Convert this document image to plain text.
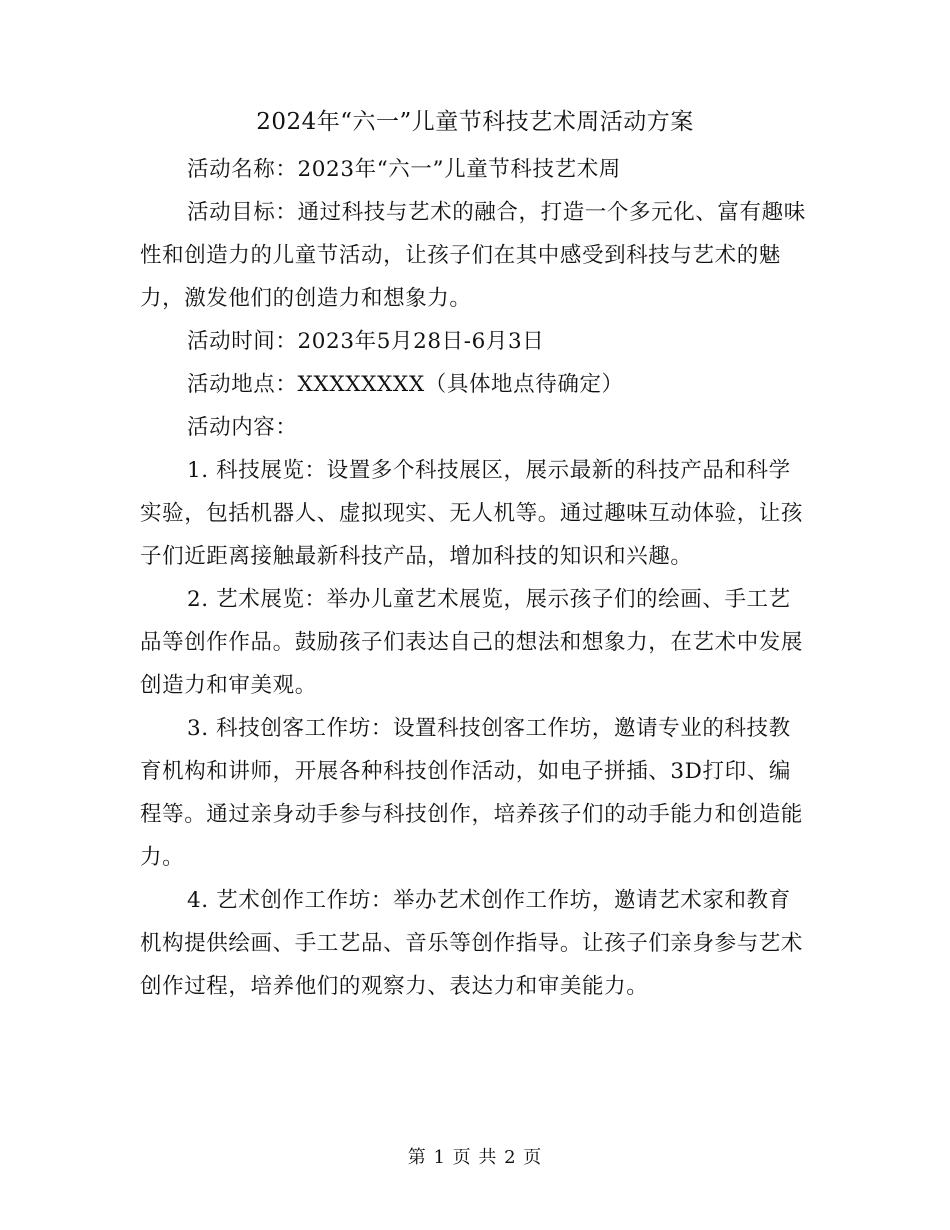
2024年“六一”儿童节科技艺术周活动方案

活动名称：2023年“六一”儿童节科技艺术周

活动目标：通过科技与艺术的融合，打造一个多元化、富有趣味性和创造力的儿童节活动，让孩子们在其中感受到科技与艺术的魅力，激发他们的创造力和想象力。

活动时间：2023年5月28日-6月3日

活动地点：XXXXXXXX（具体地点待确定）

活动内容：

1. 科技展览：设置多个科技展区，展示最新的科技产品和科学实验，包括机器人、虚拟现实、无人机等。通过趣味互动体验，让孩子们近距离接触最新科技产品，增加科技的知识和兴趣。

2. 艺术展览：举办儿童艺术展览，展示孩子们的绘画、手工艺品等创作作品。鼓励孩子们表达自己的想法和想象力，在艺术中发展创造力和审美观。

3. 科技创客工作坊：设置科技创客工作坊，邀请专业的科技教育机构和讲师，开展各种科技创作活动，如电子拼插、3D打印、编程等。通过亲身动手参与科技创作，培养孩子们的动手能力和创造能力。

4. 艺术创作工作坊：举办艺术创作工作坊，邀请艺术家和教育机构提供绘画、手工艺品、音乐等创作指导。让孩子们亲身参与艺术创作过程，培养他们的观察力、表达力和审美能力。

第 1 页 共 2 页
